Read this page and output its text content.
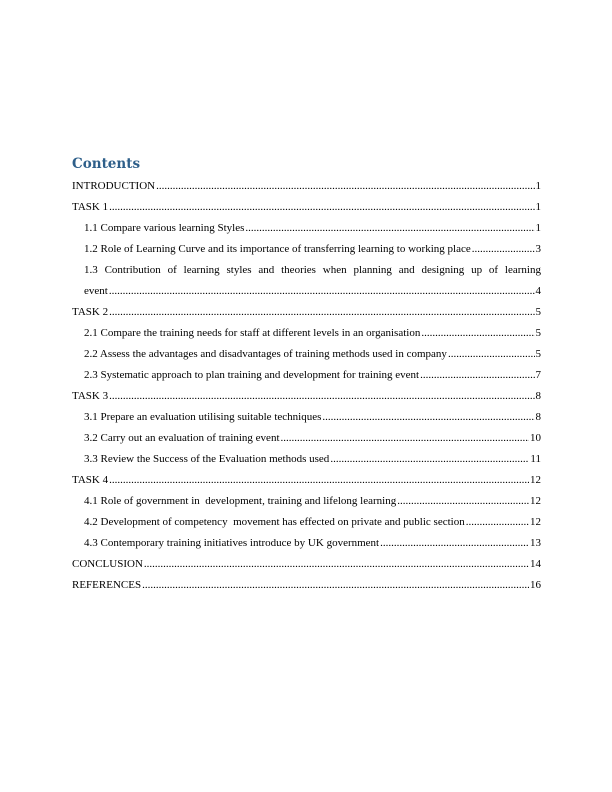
Contents
INTRODUCTION .....	1
TASK 1 .....	1
1.1 Compare various learning Styles .....	1
1.2 Role of Learning Curve and its importance of transferring learning to working place .....	3
1.3 Contribution of learning styles and theories when planning and designing up of learning
event .....	4
TASK 2 .....	5
2.1 Compare the training needs for staff at different levels in an organisation .....	5
2.2 Assess the advantages and disadvantages of training methods used in company .....	5
2.3 Systematic approach to plan training and development for training event .....	7
TASK 3 .....	8
3.1 Prepare an evaluation utilising suitable techniques .....	8
3.2 Carry out an evaluation of training event .....	10
3.3 Review the Success of the Evaluation methods used .....	11
TASK 4 .....	12
4.1 Role of government in  development, training and lifelong learning .....	12
4.2 Development of competency  movement has effected on private and public section .....	12
4.3 Contemporary training initiatives introduce by UK government .....	13
CONCLUSION .....	14
REFERENCES .....	16
